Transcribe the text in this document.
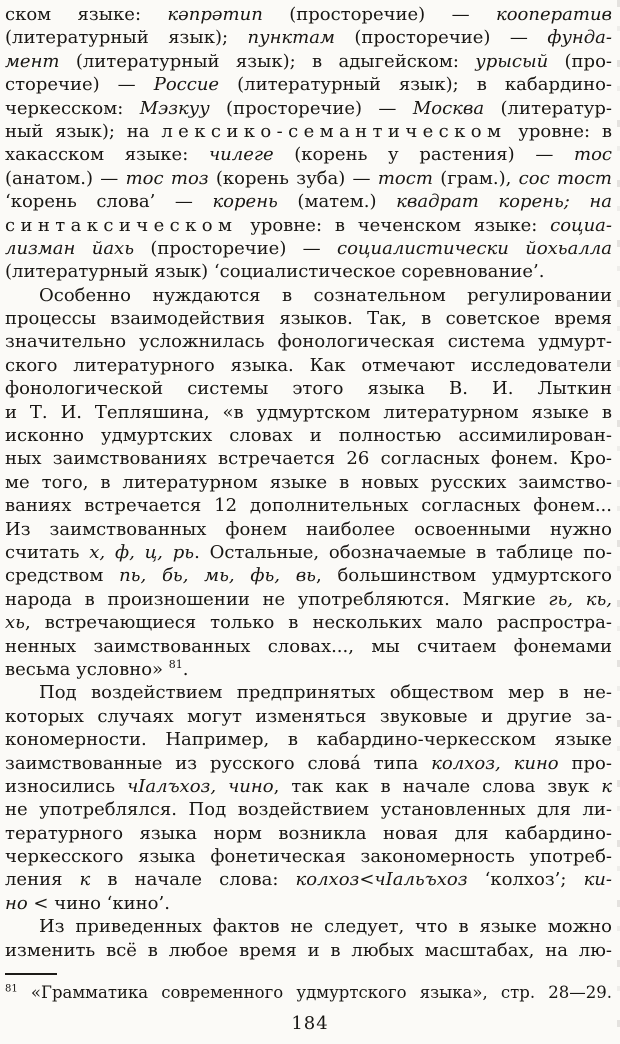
ском языке: кəпрəтип (просторечие) — кооператив
(литературный язык); пунктам (просторечие) — фунда-
мент (литературный язык); в адыгейском: урысый (про-
сторечие) — Россие (литературный язык); в кабардино-
черкесском: Мэзкуу (просторечие) — Москва (литератур-
ный язык); на лексико-семантическом уровне: в
хакасском языке: чилеге (корень у растения) — тос
(анатом.) — тос тоз (корень зуба) — тост (грам.), сос тост
‘корень слова’ — корень (матем.) квадрат корень; на
синтаксическом уровне: в чеченском языке: социа-
лизман йахь (просторечие) — социалистически йохьалла
(литературный язык) ‘социалистическое соревнование’.
Особенно нуждаются в сознательном регулировании
процессы взаимодействия языков. Так, в советское время
значительно усложнилась фонологическая система удмурт-
ского литературного языка. Как отмечают исследователи
фонологической системы этого языка В. И. Лыткин
и Т. И. Тепляшина, «в удмуртском литературном языке в
исконно удмуртских словах и полностью ассимилирован-
ных заимствованиях встречается 26 согласных фонем. Кро-
ме того, в литературном языке в новых русских заимство-
ваниях встречается 12 дополнительных согласных фонем...
Из заимствованных фонем наиболее освоенными нужно
считать х, ф, ц, рь. Остальные, обозначаемые в таблице по-
средством пь, бь, мь, фь, вь, большинством удмуртского
народа в произношении не употребляются. Мягкие гь, кь,
хь, встречающиеся только в нескольких мало распростра-
ненных заимствованных словах..., мы считаем фонемами
весьма условно» $^{81}$.
Под воздействием предпринятых обществом мер в не-
которых случаях могут изменяться звуковые и другие за-
кономерности. Например, в кабардино-черкесском языке
заимствованные из русского слова́ типа колхоз, кино про-
износились чIалъхоз, чино, так как в начале слова звук к
не употреблялся. Под воздействием установленных для ли-
тературного языка норм возникла новая для кабардино-
черкесского языка фонетическая закономерность употреб-
ления к в начале слова: колхоз<чIальъхоз ‘колхоз’; ки-
но < чино ‘кино’.
Из приведенных фактов не следует, что в языке можно
изменить всё в любое время и в любых масштабах, на лю-
$^{81}$ «Грамматика современного удмуртского языка», стр. 28—29.
184
